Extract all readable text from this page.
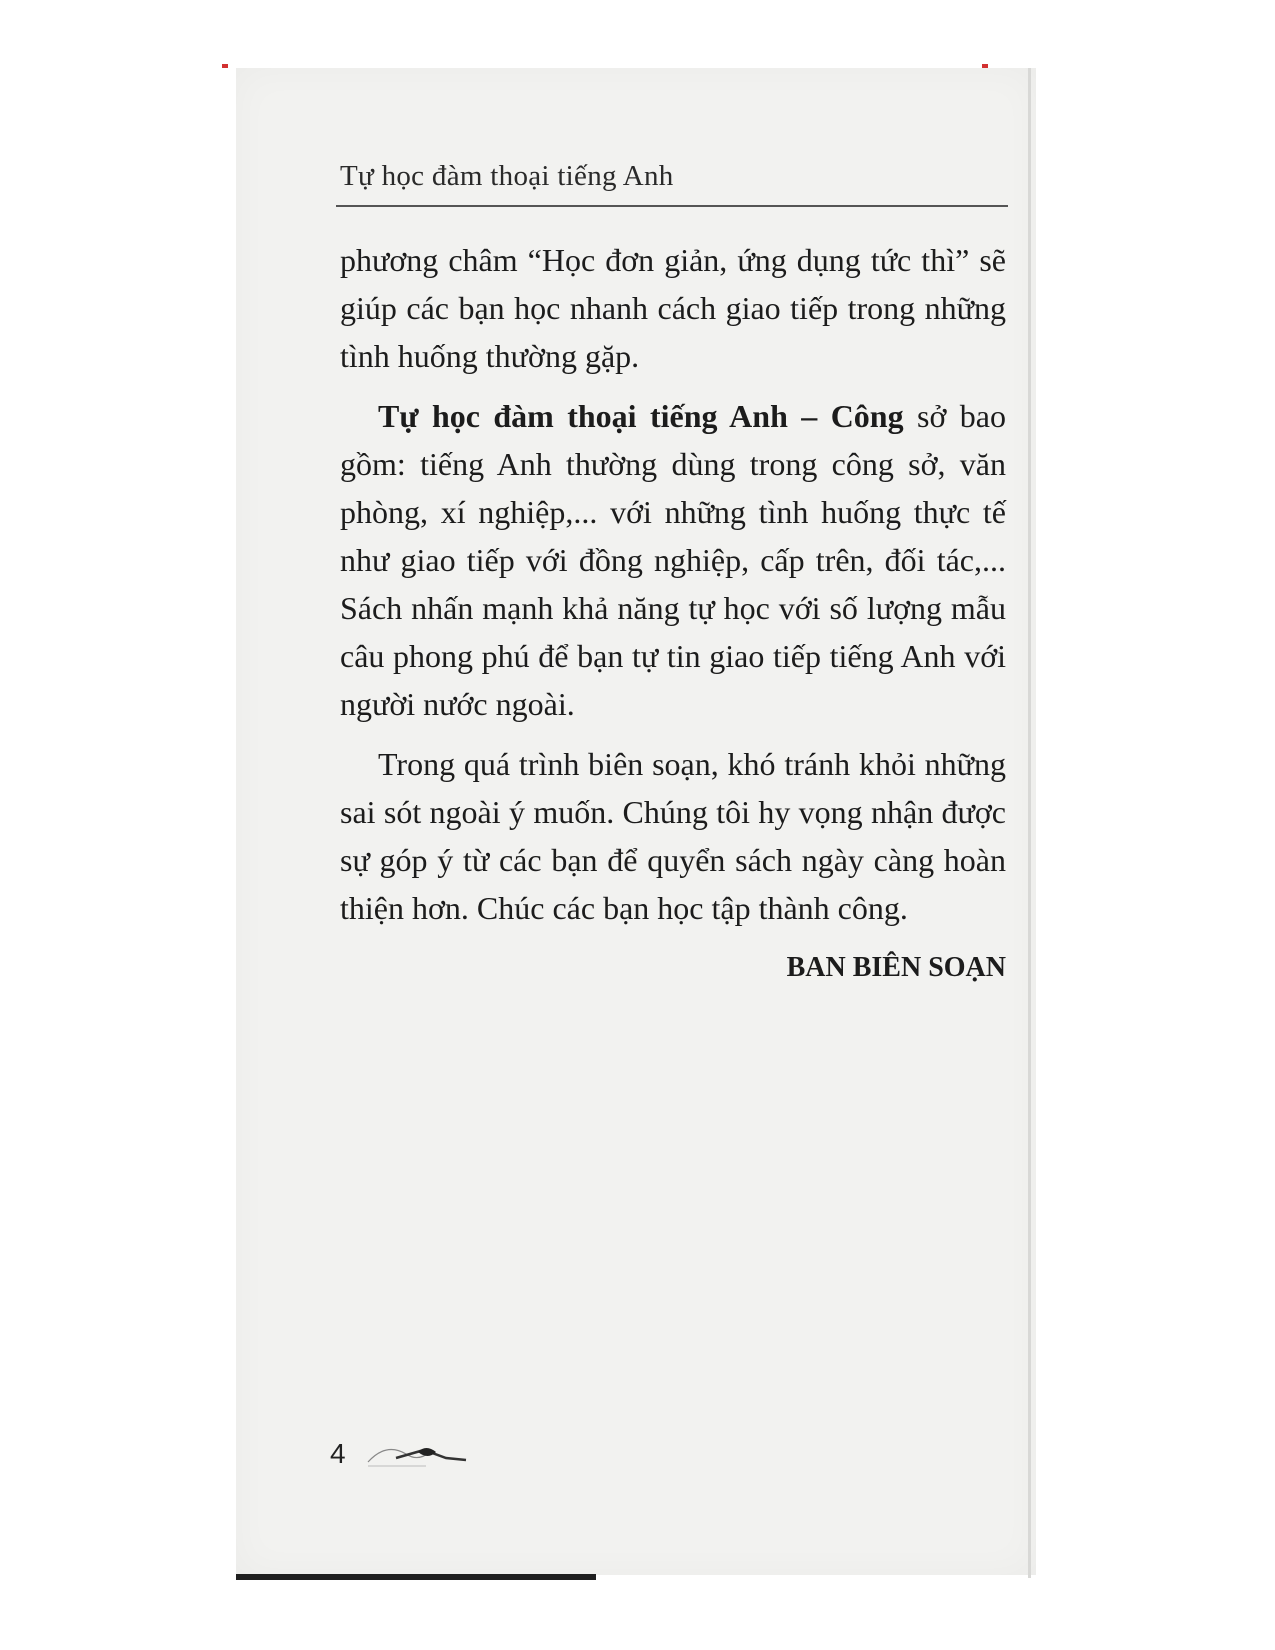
Tự học đàm thoại tiếng Anh

phương châm “Học đơn giản, ứng dụng tức thì” sẽ giúp các bạn học nhanh cách giao tiếp trong những tình huống thường gặp.

Tự học đàm thoại tiếng Anh – Công sở bao gồm: tiếng Anh thường dùng trong công sở, văn phòng, xí nghiệp,... với những tình huống thực tế như giao tiếp với đồng nghiệp, cấp trên, đối tác,... Sách nhấn mạnh khả năng tự học với số lượng mẫu câu phong phú để bạn tự tin giao tiếp tiếng Anh với người nước ngoài.

Trong quá trình biên soạn, khó tránh khỏi những sai sót ngoài ý muốn. Chúng tôi hy vọng nhận được sự góp ý từ các bạn để quyển sách ngày càng hoàn thiện hơn. Chúc các bạn học tập thành công.

BAN BIÊN SOẠN

4
